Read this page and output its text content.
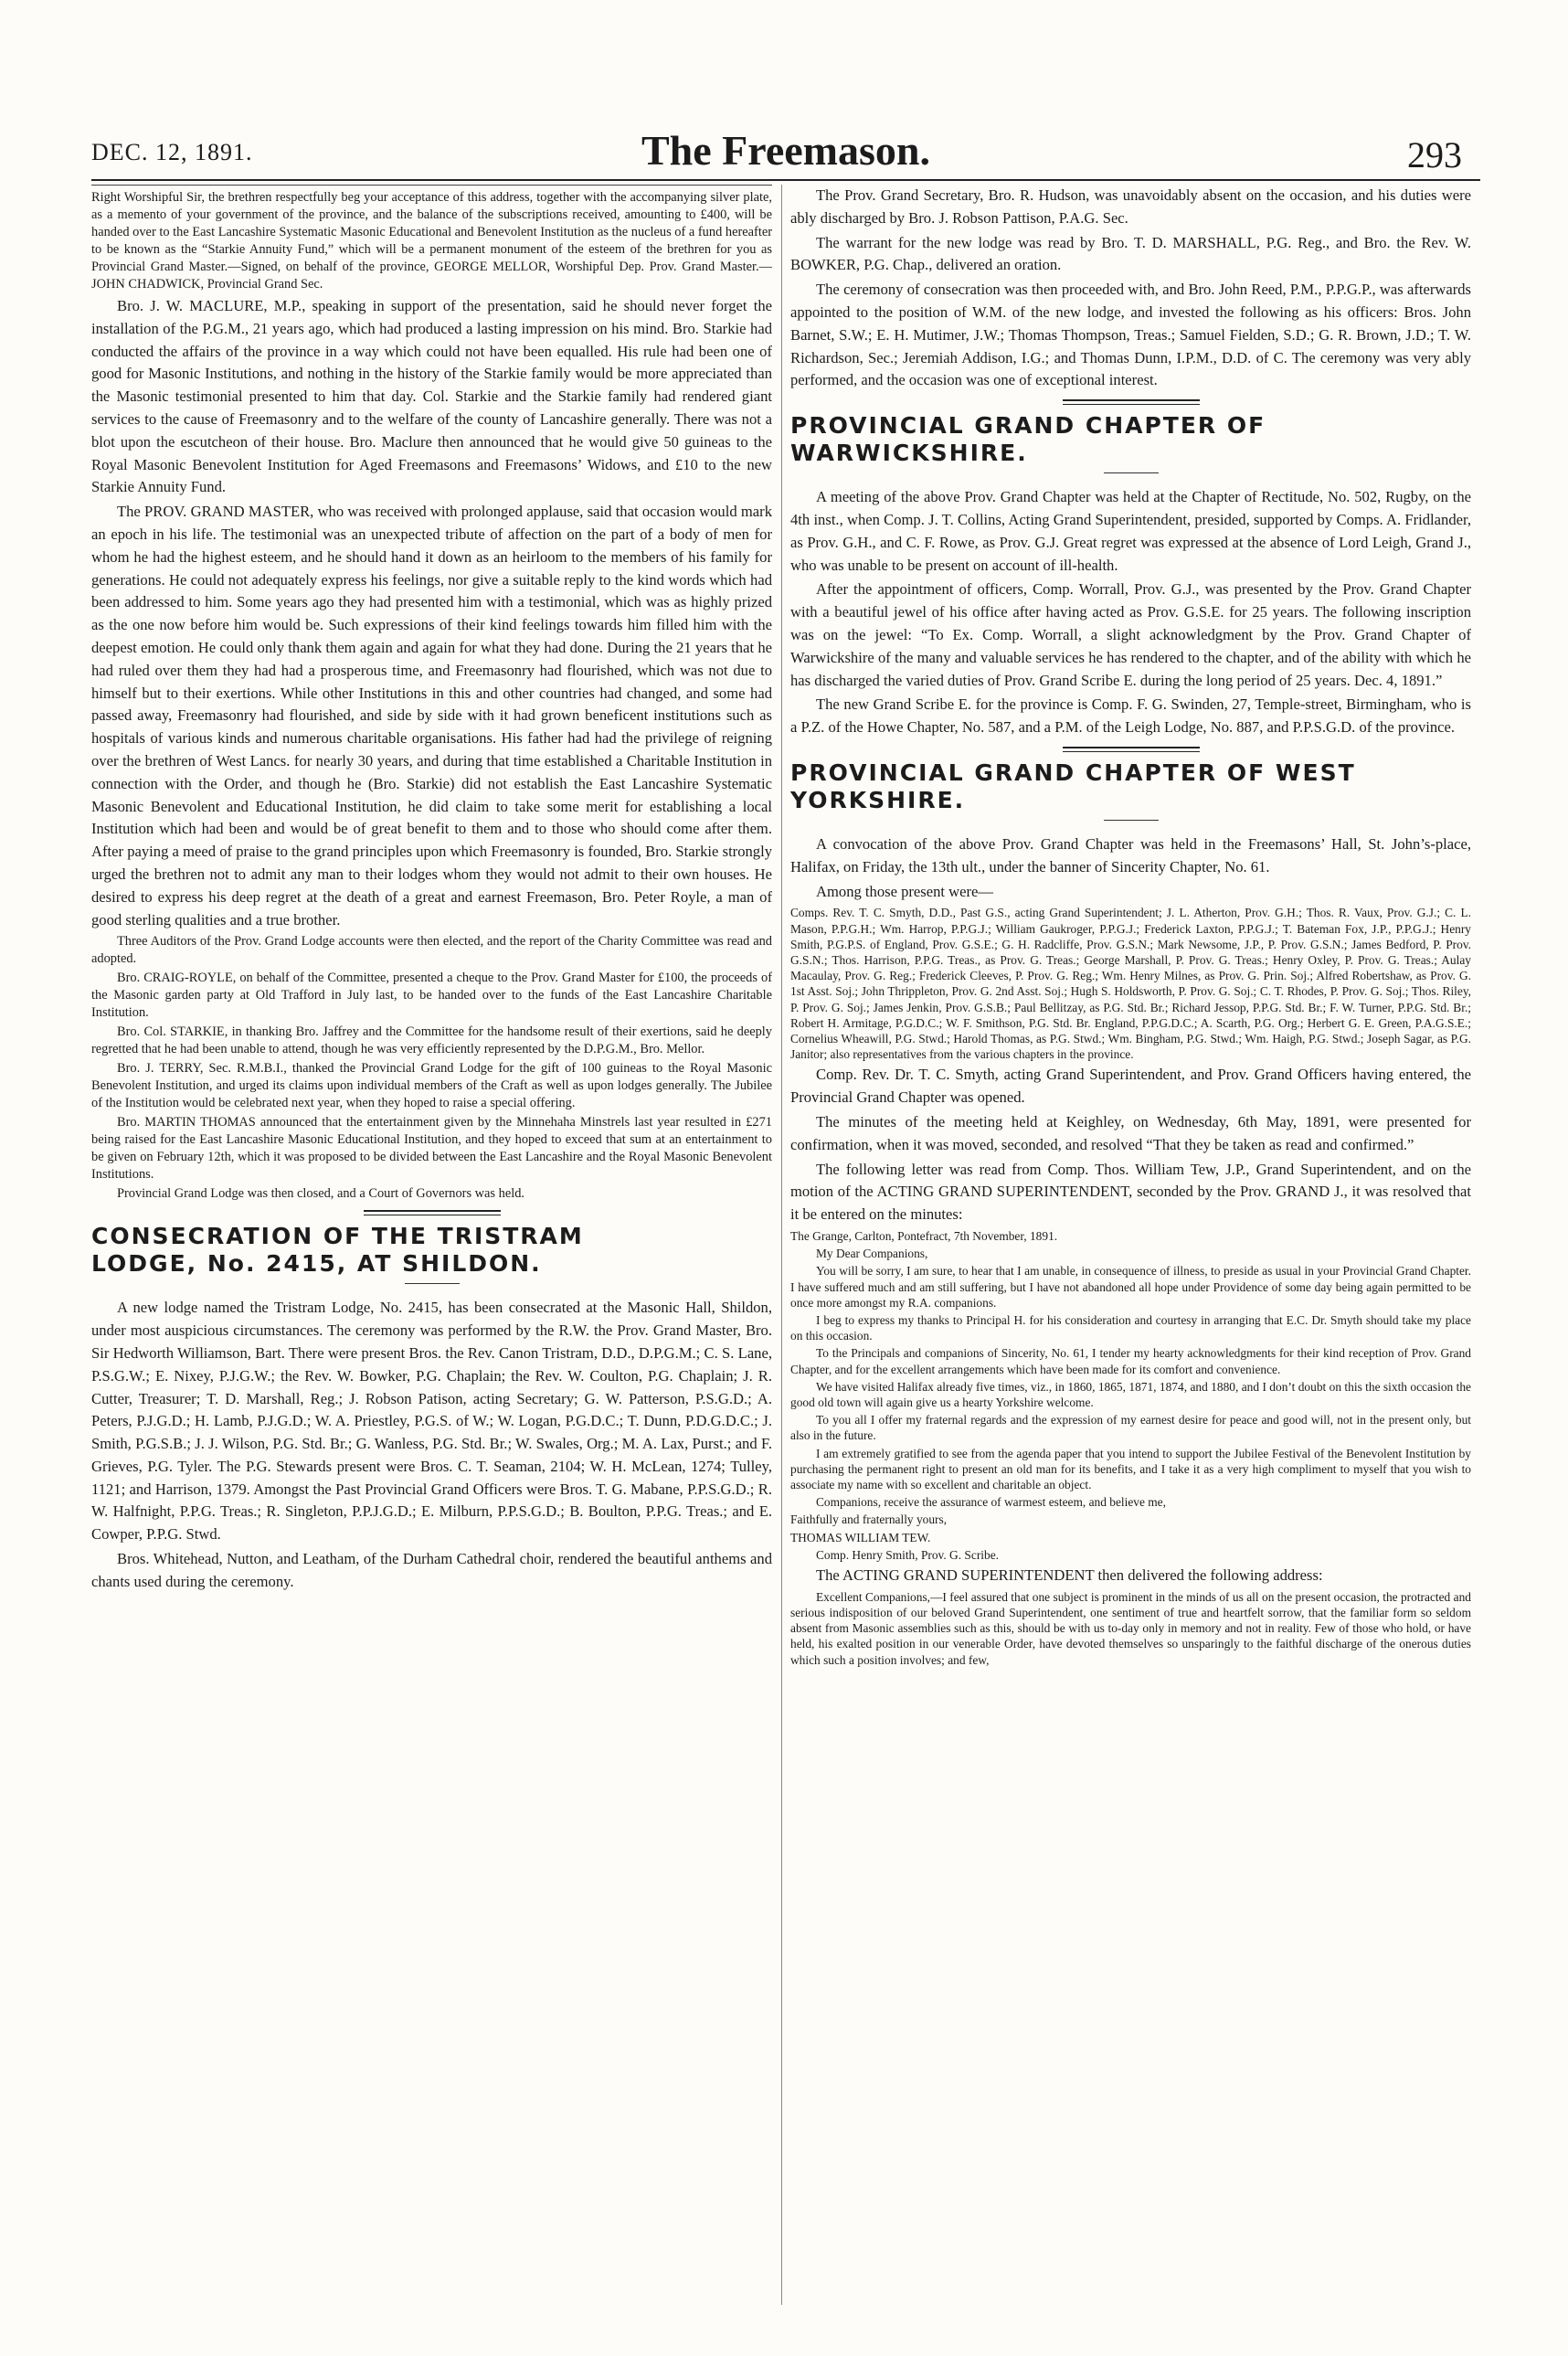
DEC. 12, 1891.	The Freemason.	293

Right Worshipful Sir, the brethren respectfully beg your acceptance of this address, together with the accompanying silver plate, as a memento of your government of the province, and the balance of the subscriptions received, amounting to £400, will be handed over to the East Lancashire Systematic Masonic Educational and Benevolent Institution as the nucleus of a fund hereafter to be known as the “Starkie Annuity Fund,” which will be a permanent monument of the esteem of the brethren for you as Provincial Grand Master.—Signed, on behalf of the province, GEORGE MELLOR, Worshipful Dep. Prov. Grand Master.—JOHN CHADWICK, Provincial Grand Sec.

Bro. J. W. MACLURE, M.P., speaking in support of the presentation, said he should never forget the installation of the P.G.M., 21 years ago, which had produced a lasting impression on his mind. Bro. Starkie had conducted the affairs of the province in a way which could not have been equalled. His rule had been one of good for Masonic Institutions, and nothing in the history of the Starkie family would be more appreciated than the Masonic testimonial presented to him that day. Col. Starkie and the Starkie family had rendered giant services to the cause of Freemasonry and to the welfare of the county of Lancashire generally. There was not a blot upon the escutcheon of their house. Bro. Maclure then announced that he would give 50 guineas to the Royal Masonic Benevolent Institution for Aged Freemasons and Freemasons’ Widows, and £10 to the new Starkie Annuity Fund.

The PROV. GRAND MASTER, who was received with prolonged applause, said that occasion would mark an epoch in his life. The testimonial was an unexpected tribute of affection on the part of a body of men for whom he had the highest esteem, and he should hand it down as an heirloom to the members of his family for generations. He could not adequately express his feelings, nor give a suitable reply to the kind words which had been addressed to him. Some years ago they had presented him with a testimonial, which was as highly prized as the one now before him would be. Such expressions of their kind feelings towards him filled him with the deepest emotion. He could only thank them again and again for what they had done. During the 21 years that he had ruled over them they had had a prosperous time, and Freemasonry had flourished, which was not due to himself but to their exertions. While other Institutions in this and other countries had changed, and some had passed away, Freemasonry had flourished, and side by side with it had grown beneficent institutions such as hospitals of various kinds and numerous charitable organisations. His father had had the privilege of reigning over the brethren of West Lancs. for nearly 30 years, and during that time established a Charitable Institution in connection with the Order, and though he (Bro. Starkie) did not establish the East Lancashire Systematic Masonic Benevolent and Educational Institution, he did claim to take some merit for establishing a local Institution which had been and would be of great benefit to them and to those who should come after them. After paying a meed of praise to the grand principles upon which Freemasonry is founded, Bro. Starkie strongly urged the brethren not to admit any man to their lodges whom they would not admit to their own houses. He desired to express his deep regret at the death of a great and earnest Freemason, Bro. Peter Royle, a man of good sterling qualities and a true brother.

Three Auditors of the Prov. Grand Lodge accounts were then elected, and the report of the Charity Committee was read and adopted.

Bro. CRAIG-ROYLE, on behalf of the Committee, presented a cheque to the Prov. Grand Master for £100, the proceeds of the Masonic garden party at Old Trafford in July last, to be handed over to the funds of the East Lancashire Charitable Institution.

Bro. Col. STARKIE, in thanking Bro. Jaffrey and the Committee for the handsome result of their exertions, said he deeply regretted that he had been unable to attend, though he was very efficiently represented by the D.P.G.M., Bro. Mellor.

Bro. J. TERRY, Sec. R.M.B.I., thanked the Provincial Grand Lodge for the gift of 100 guineas to the Royal Masonic Benevolent Institution, and urged its claims upon individual members of the Craft as well as upon lodges generally. The Jubilee of the Institution would be celebrated next year, when they hoped to raise a special offering.

Bro. MARTIN THOMAS announced that the entertainment given by the Minnehaha Minstrels last year resulted in £271 being raised for the East Lancashire Masonic Educational Institution, and they hoped to exceed that sum at an entertainment to be given on February 12th, which it was proposed to be divided between the East Lancashire and the Royal Masonic Benevolent Institutions.

Provincial Grand Lodge was then closed, and a Court of Governors was held.

CONSECRATION OF THE TRISTRAM
LODGE, No. 2415, AT SHILDON.

A new lodge named the Tristram Lodge, No. 2415, has been consecrated at the Masonic Hall, Shildon, under most auspicious circumstances. The ceremony was performed by the R.W. the Prov. Grand Master, Bro. Sir Hedworth Williamson, Bart. There were present Bros. the Rev. Canon Tristram, D.D., D.P.G.M.; C. S. Lane, P.S.G.W.; E. Nixey, P.J.G.W.; the Rev. W. Bowker, P.G. Chaplain; the Rev. W. Coulton, P.G. Chaplain; J. R. Cutter, Treasurer; T. D. Marshall, Reg.; J. Robson Patison, acting Secretary; G. W. Patterson, P.S.G.D.; A. Peters, P.J.G.D.; H. Lamb, P.J.G.D.; W. A. Priestley, P.G.S. of W.; W. Logan, P.G.D.C.; T. Dunn, P.D.G.D.C.; J. Smith, P.G.S.B.; J. J. Wilson, P.G. Std. Br.; G. Wanless, P.G. Std. Br.; W. Swales, Org.; M. A. Lax, Purst.; and F. Grieves, P.G. Tyler. The P.G. Stewards present were Bros. C. T. Seaman, 2104; W. H. McLean, 1274; Tulley, 1121; and Harrison, 1379. Amongst the Past Provincial Grand Officers were Bros. T. G. Mabane, P.P.S.G.D.; R. W. Halfnight, P.P.G. Treas.; R. Singleton, P.P.J.G.D.; E. Milburn, P.P.S.G.D.; B. Boulton, P.P.G. Treas.; and E. Cowper, P.P.G. Stwd.

Bros. Whitehead, Nutton, and Leatham, of the Durham Cathedral choir, rendered the beautiful anthems and chants used during the ceremony.

The Prov. Grand Secretary, Bro. R. Hudson, was unavoidably absent on the occasion, and his duties were ably discharged by Bro. J. Robson Pattison, P.A.G. Sec.

The warrant for the new lodge was read by Bro. T. D. MARSHALL, P.G. Reg., and Bro. the Rev. W. BOWKER, P.G. Chap., delivered an oration.

The ceremony of consecration was then proceeded with, and Bro. John Reed, P.M., P.P.G.P., was afterwards appointed to the position of W.M. of the new lodge, and invested the following as his officers: Bros. John Barnet, S.W.; E. H. Mutimer, J.W.; Thomas Thompson, Treas.; Samuel Fielden, S.D.; G. R. Brown, J.D.; T. W. Richardson, Sec.; Jeremiah Addison, I.G.; and Thomas Dunn, I.P.M., D.D. of C. The ceremony was very ably performed, and the occasion was one of exceptional interest.

PROVINCIAL GRAND CHAPTER OF
WARWICKSHIRE.

A meeting of the above Prov. Grand Chapter was held at the Chapter of Rectitude, No. 502, Rugby, on the 4th inst., when Comp. J. T. Collins, Acting Grand Superintendent, presided, supported by Comps. A. Fridlander, as Prov. G.H., and C. F. Rowe, as Prov. G.J. Great regret was expressed at the absence of Lord Leigh, Grand J., who was unable to be present on account of ill-health.

After the appointment of officers, Comp. Worrall, Prov. G.J., was presented by the Prov. Grand Chapter with a beautiful jewel of his office after having acted as Prov. G.S.E. for 25 years. The following inscription was on the jewel: “To Ex. Comp. Worrall, a slight acknowledgment by the Prov. Grand Chapter of Warwickshire of the many and valuable services he has rendered to the chapter, and of the ability with which he has discharged the varied duties of Prov. Grand Scribe E. during the long period of 25 years. Dec. 4, 1891.”

The new Grand Scribe E. for the province is Comp. F. G. Swinden, 27, Temple-street, Birmingham, who is a P.Z. of the Howe Chapter, No. 587, and a P.M. of the Leigh Lodge, No. 887, and P.P.S.G.D. of the province.

PROVINCIAL GRAND CHAPTER OF WEST
YORKSHIRE.

A convocation of the above Prov. Grand Chapter was held in the Freemasons’ Hall, St. John’s-place, Halifax, on Friday, the 13th ult., under the banner of Sincerity Chapter, No. 61.

Among those present were—

Comps. Rev. T. C. Smyth, D.D., Past G.S., acting Grand Superintendent; J. L. Atherton, Prov. G.H.; Thos. R. Vaux, Prov. G.J.; C. L. Mason, P.P.G.H.; Wm. Harrop, P.P.G.J.; William Gaukroger, P.P.G.J.; Frederick Laxton, P.P.G.J.; T. Bateman Fox, J.P., P.P.G.J.; Henry Smith, P.G.P.S. of England, Prov. G.S.E.; G. H. Radcliffe, Prov. G.S.N.; Mark Newsome, J.P., P. Prov. G.S.N.; James Bedford, P. Prov. G.S.N.; Thos. Harrison, P.P.G. Treas., as Prov. G. Treas.; George Marshall, P. Prov. G. Treas.; Henry Oxley, P. Prov. G. Treas.; Aulay Macaulay, Prov. G. Reg.; Frederick Cleeves, P. Prov. G. Reg.; Wm. Henry Milnes, as Prov. G. Prin. Soj.; Alfred Robertshaw, as Prov. G. 1st Asst. Soj.; John Thrippleton, Prov. G. 2nd Asst. Soj.; Hugh S. Holdsworth, P. Prov. G. Soj.; C. T. Rhodes, P. Prov. G. Soj.; Thos. Riley, P. Prov. G. Soj.; James Jenkin, Prov. G.S.B.; Paul Bellitzay, as P.G. Std. Br.; Richard Jessop, P.P.G. Std. Br.; F. W. Turner, P.P.G. Std. Br.; Robert H. Armitage, P.G.D.C.; W. F. Smithson, P.G. Std. Br. England, P.P.G.D.C.; A. Scarth, P.G. Org.; Herbert G. E. Green, P.A.G.S.E.; Cornelius Wheawill, P.G. Stwd.; Harold Thomas, as P.G. Stwd.; Wm. Bingham, P.G. Stwd.; Wm. Haigh, P.G. Stwd.; Joseph Sagar, as P.G. Janitor; also representatives from the various chapters in the province.

Comp. Rev. Dr. T. C. Smyth, acting Grand Superintendent, and Prov. Grand Officers having entered, the Provincial Grand Chapter was opened.

The minutes of the meeting held at Keighley, on Wednesday, 6th May, 1891, were presented for confirmation, when it was moved, seconded, and resolved “That they be taken as read and confirmed.”

The following letter was read from Comp. Thos. William Tew, J.P., Grand Superintendent, and on the motion of the ACTING GRAND SUPERINTENDENT, seconded by the Prov. GRAND J., it was resolved that it be entered on the minutes:

The Grange, Carlton, Pontefract, 7th November, 1891.

My Dear Companions,

You will be sorry, I am sure, to hear that I am unable, in consequence of illness, to preside as usual in your Provincial Grand Chapter. I have suffered much and am still suffering, but I have not abandoned all hope under Providence of some day being again permitted to be once more amongst my R.A. companions.

I beg to express my thanks to Principal H. for his consideration and courtesy in arranging that E.C. Dr. Smyth should take my place on this occasion.

To the Principals and companions of Sincerity, No. 61, I tender my hearty acknowledgments for their kind reception of Prov. Grand Chapter, and for the excellent arrangements which have been made for its comfort and convenience.

We have visited Halifax already five times, viz., in 1860, 1865, 1871, 1874, and 1880, and I don’t doubt on this the sixth occasion the good old town will again give us a hearty Yorkshire welcome.

To you all I offer my fraternal regards and the expression of my earnest desire for peace and good will, not in the present only, but also in the future.

I am extremely gratified to see from the agenda paper that you intend to support the Jubilee Festival of the Benevolent Institution by purchasing the permanent right to present an old man for its benefits, and I take it as a very high compliment to myself that you wish to associate my name with so excellent and charitable an object.

Companions, receive the assurance of warmest esteem, and believe me,

Faithfully and fraternally yours,

THOMAS WILLIAM TEW.

Comp. Henry Smith, Prov. G. Scribe.

The ACTING GRAND SUPERINTENDENT then delivered the following address:

Excellent Companions,—I feel assured that one subject is prominent in the minds of us all on the present occasion, the protracted and serious indisposition of our beloved Grand Superintendent, one sentiment of true and heartfelt sorrow, that the familiar form so seldom absent from Masonic assemblies such as this, should be with us to-day only in memory and not in reality. Few of those who hold, or have held, his exalted position in our venerable Order, have devoted themselves so unsparingly to the faithful discharge of the onerous duties which such a position involves; and few,
